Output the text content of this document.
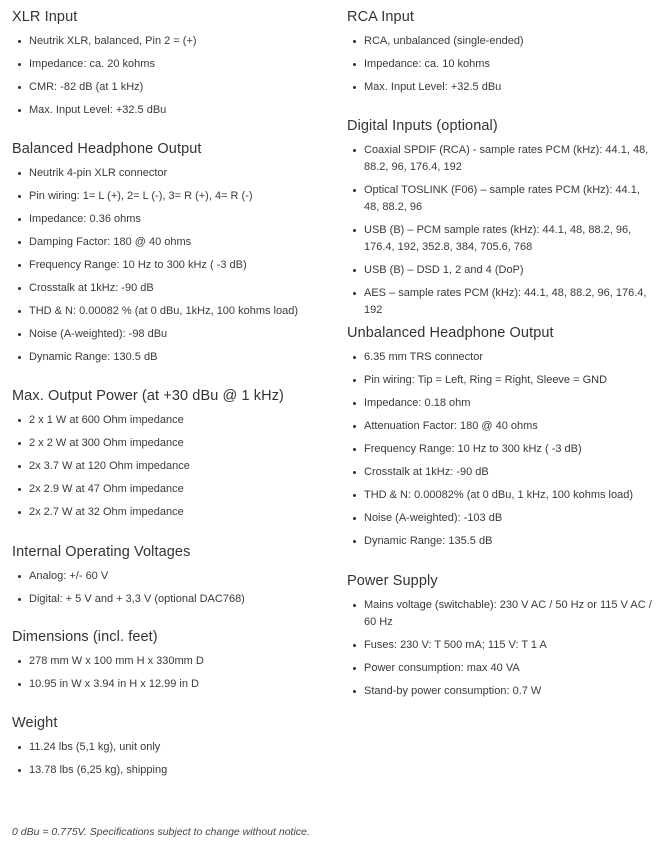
XLR Input
Neutrik XLR, balanced, Pin 2 = (+)
Impedance: ca. 20 kohms
CMR: -82 dB (at 1 kHz)
Max. Input Level: +32.5 dBu
Balanced Headphone Output
Neutrik 4-pin XLR connector
Pin wiring: 1= L (+), 2= L (-), 3= R (+), 4= R (-)
Impedance: 0.36 ohms
Damping Factor: 180 @ 40 ohms
Frequency Range: 10 Hz to 300 kHz ( -3 dB)
Crosstalk at 1kHz: -90 dB
THD & N: 0.00082 % (at 0 dBu, 1kHz, 100 kohms load)
Noise (A-weighted): -98 dBu
Dynamic Range: 130.5 dB
Max. Output Power (at +30 dBu @ 1 kHz)
2 x 1 W at 600 Ohm impedance
2 x 2 W at 300 Ohm impedance
2x 3.7 W at 120 Ohm impedance
2x 2.9 W at 47 Ohm impedance
2x 2.7 W at 32 Ohm impedance
Internal Operating Voltages
Analog: +/- 60 V
Digital: + 5 V and + 3,3 V (optional DAC768)
Dimensions (incl. feet)
278 mm W x 100 mm H x 330mm D
10.95 in W x 3.94 in H x 12.99 in D
Weight
11.24 lbs (5,1 kg), unit only
13.78 lbs (6,25 kg), shipping
RCA Input
RCA, unbalanced (single-ended)
Impedance: ca. 10 kohms
Max. Input Level: +32.5 dBu
Digital Inputs (optional)
Coaxial SPDIF (RCA) - sample rates PCM (kHz): 44.1, 48, 88.2, 96, 176.4, 192
Optical TOSLINK (F06) – sample rates PCM (kHz): 44.1, 48, 88.2, 96
USB (B) – PCM sample rates (kHz): 44.1, 48, 88.2, 96, 176.4, 192, 352.8, 384, 705.6, 768
USB (B) – DSD 1, 2 and 4 (DoP)
AES – sample rates PCM (kHz): 44.1, 48, 88.2, 96, 176.4, 192
Unbalanced Headphone Output
6.35 mm TRS connector
Pin wiring: Tip = Left, Ring = Right, Sleeve = GND
Impedance: 0.18 ohm
Attenuation Factor: 180 @ 40 ohms
Frequency Range: 10 Hz to 300 kHz ( -3 dB)
Crosstalk at 1kHz: -90 dB
THD & N: 0.00082% (at 0 dBu, 1 kHz, 100 kohms load)
Noise (A-weighted): -103 dB
Dynamic Range: 135.5 dB
Power Supply
Mains voltage (switchable): 230 V AC / 50 Hz or 115 V AC / 60 Hz
Fuses: 230 V: T 500 mA; 115 V: T 1 A
Power consumption: max 40 VA
Stand-by power consumption: 0.7 W
0 dBu = 0.775V. Specifications subject to change without notice.
